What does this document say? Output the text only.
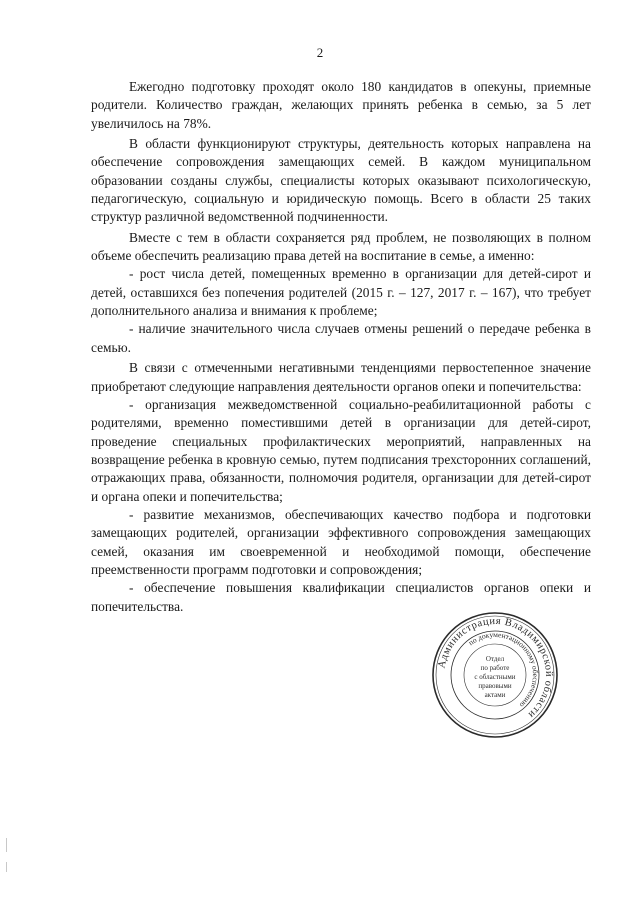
2

Ежегодно подготовку проходят около 180 кандидатов в опекуны, приемные родители. Количество граждан, желающих принять ребенка в семью, за 5 лет увеличилось на 78%.

В области функционируют структуры, деятельность которых направлена на обеспечение сопровождения замещающих семей. В каждом муниципальном образовании созданы службы, специалисты которых оказывают психологическую, педагогическую, социальную и юридическую помощь. Всего в области 25 таких структур различной ведомственной подчиненности.

Вместе с тем в области сохраняется ряд проблем, не позволяющих в полном объеме обеспечить реализацию права детей на воспитание в семье, а именно:

- рост числа детей, помещенных временно в организации для детей-сирот и детей, оставшихся без попечения родителей (2015 г. – 127, 2017 г. – 167), что требует дополнительного анализа и внимания к проблеме;

- наличие значительного числа случаев отмены решений о передаче ребенка в семью.

В связи с отмеченными негативными тенденциями первостепенное значение приобретают следующие направления деятельности органов опеки и попечительства:

- организация межведомственной социально-реабилитационной работы с родителями, временно поместившими детей в организации для детей-сирот, проведение специальных профилактических мероприятий, направленных на возвращение ребенка в кровную семью, путем подписания трехсторонних соглашений, отражающих права, обязанности, полномочия родителя, организации для детей-сирот и органа опеки и попечительства;

- развитие механизмов, обеспечивающих качество подбора и подготовки замещающих родителей, организации эффективного сопровождения замещающих семей, оказания им своевременной и необходимой помощи, обеспечение преемственности программ подготовки и сопровождения;

- обеспечение повышения квалификации специалистов органов опеки и попечительства.

Администрация Владимирской области
по документационному обеспечению
Отдел
по работе
с областными
правовыми
актами
